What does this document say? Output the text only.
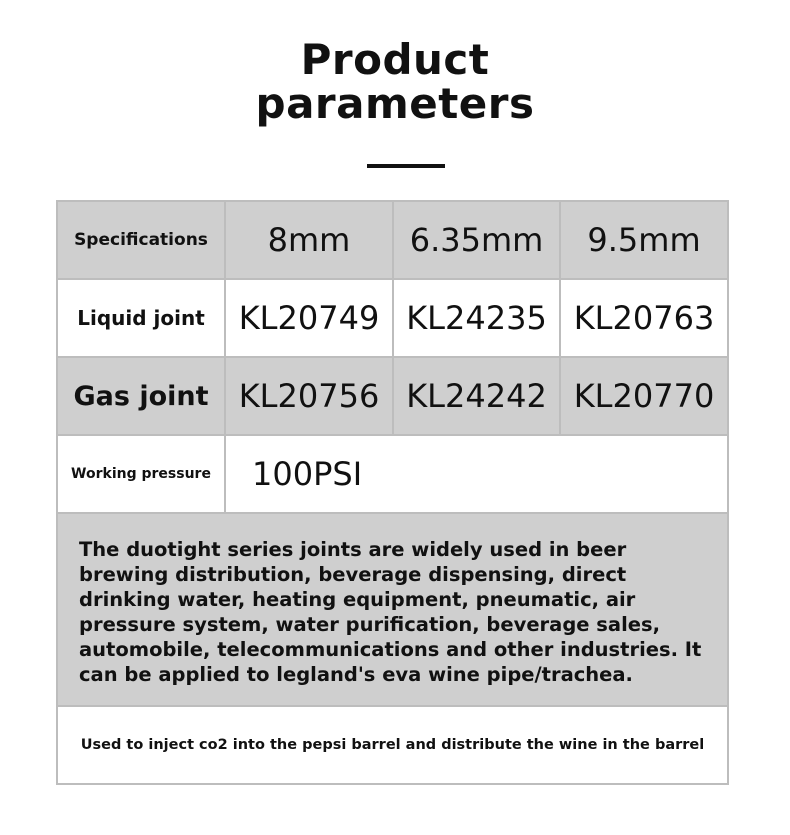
Product
parameters
Specifications 8mm 6.35mm 9.5mm
Liquid joint KL20749 KL24235 KL20763
Gas joint KL20756 KL24242 KL20770
Working pressure 100PSI

The duotight series joints are widely used in beer brewing distribution, beverage dispensing, direct drinking water, heating equipment, pneumatic, air pressure system, water purification, beverage sales, automobile, telecommunications and other industries. It can be applied to legland's eva wine pipe/trachea.

Used to inject co2 into the pepsi barrel and distribute the wine in the barrel
